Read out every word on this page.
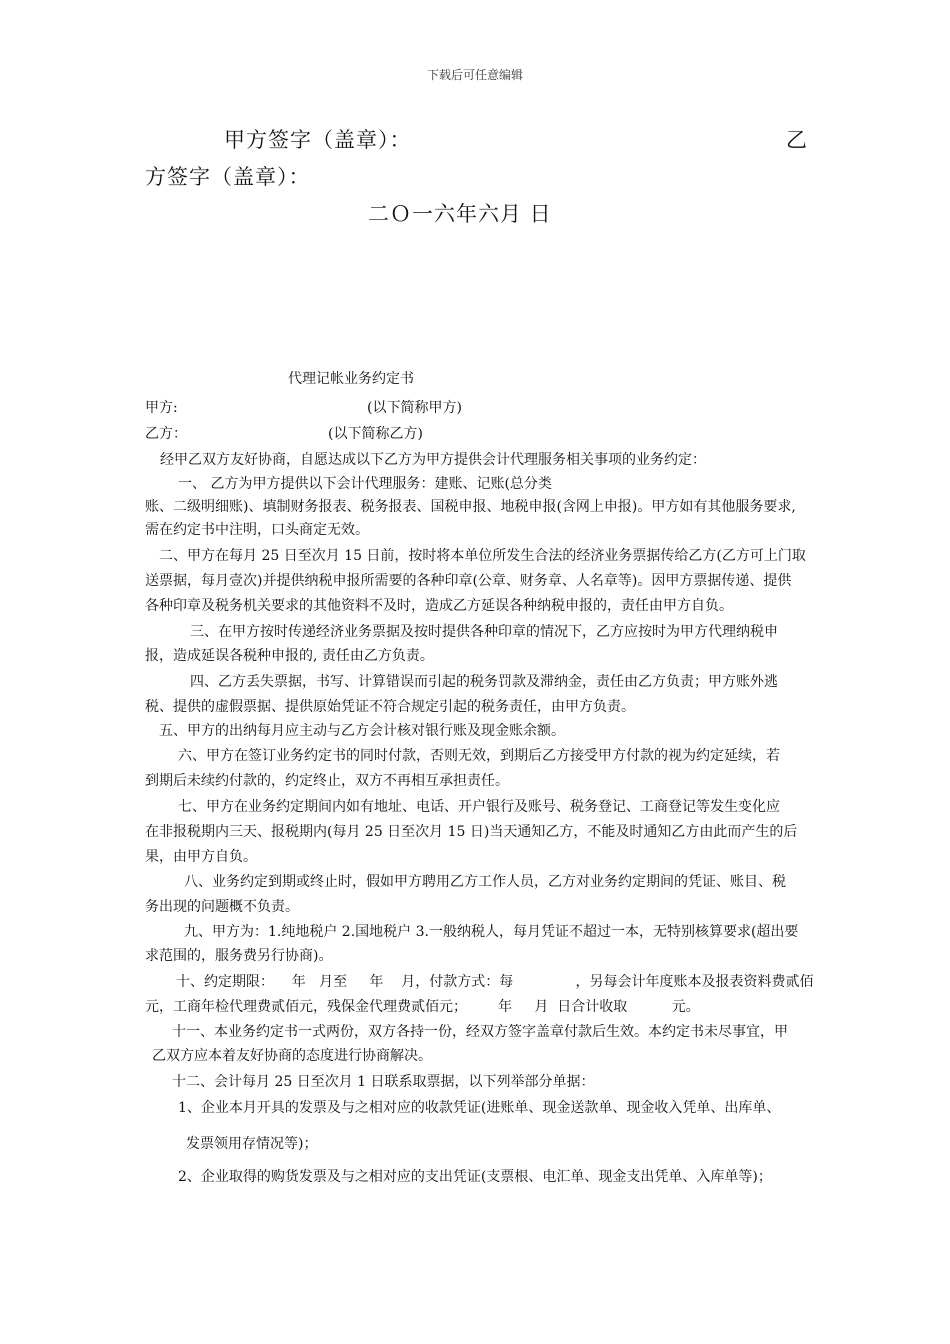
下载后可任意编辑
甲方签字（盖章）：	乙
方签字（盖章）：
二Ｏ一六年六月 日
代理记帐业务约定书
甲方:	(以下简称甲方)
乙方：	(以下简称乙方)
经甲乙双方友好协商，自愿达成以下乙方为甲方提供会计代理服务相关事项的业务约定：
一、 乙方为甲方提供以下会计代理服务：建账、记账(总分类
账、二级明细账)、填制财务报表、税务报表、国税申报、地税申报(含网上申报)。甲方如有其他服务要求,
需在约定书中注明，口头商定无效。
二、甲方在每月 25 日至次月 15 日前，按时将本单位所发生合法的经济业务票据传给乙方(乙方可上门取
送票据，每月壹次)并提供纳税申报所需要的各种印章(公章、财务章、人名章等)。因甲方票据传递、提供
各种印章及税务机关要求的其他资料不及时，造成乙方延误各种纳税申报的，责任由甲方自负。
三、在甲方按时传递经济业务票据及按时提供各种印章的情况下，乙方应按时为甲方代理纳税申
报，造成延误各税种申报的, 责任由乙方负责。
四、乙方丢失票据，书写、计算错误而引起的税务罚款及滞纳金，责任由乙方负责；甲方账外逃
税、提供的虚假票据、提供原始凭证不符合规定引起的税务责任，由甲方负责。
五、甲方的出纳每月应主动与乙方会计核对银行账及现金账余额。
六、甲方在签订业务约定书的同时付款，否则无效，到期后乙方接受甲方付款的视为约定延续，若
到期后未续约付款的，约定终止，双方不再相互承担责任。
七、甲方在业务约定期间内如有地址、电话、开户银行及账号、税务登记、工商登记等发生变化应
在非报税期内三天、报税期内(每月 25 日至次月 15 日)当天通知乙方，不能及时通知乙方由此而产生的后
果，由甲方自负。
八、业务约定到期或终止时，假如甲方聘用乙方工作人员，乙方对业务约定期间的凭证、账目、税
务出现的问题概不负责。
九、甲方为：1.纯地税户 2.国地税户 3.一般纳税人，每月凭证不超过一本，无特别核算要求(超出要
求范围的，服务费另行协商)。
十、约定期限：    年   月至     年    月，付款方式：每              ，另每会计年度账本及报表资料费贰佰
元，工商年检代理费贰佰元，残保金代理费贰佰元；       年     月  日合计收取          元。
十一、本业务约定书一式两份，双方各持一份，经双方签字盖章付款后生效。本约定书未尽事宜，甲
乙双方应本着友好协商的态度进行协商解决。
十二、会计每月 25 日至次月 1 日联系取票据，以下列举部分单据：
1、企业本月开具的发票及与之相对应的收款凭证(进账单、现金送款单、现金收入凭单、出库单、
发票领用存情况等)；
2、企业取得的购货发票及与之相对应的支出凭证(支票根、电汇单、现金支出凭单、入库单等)；
